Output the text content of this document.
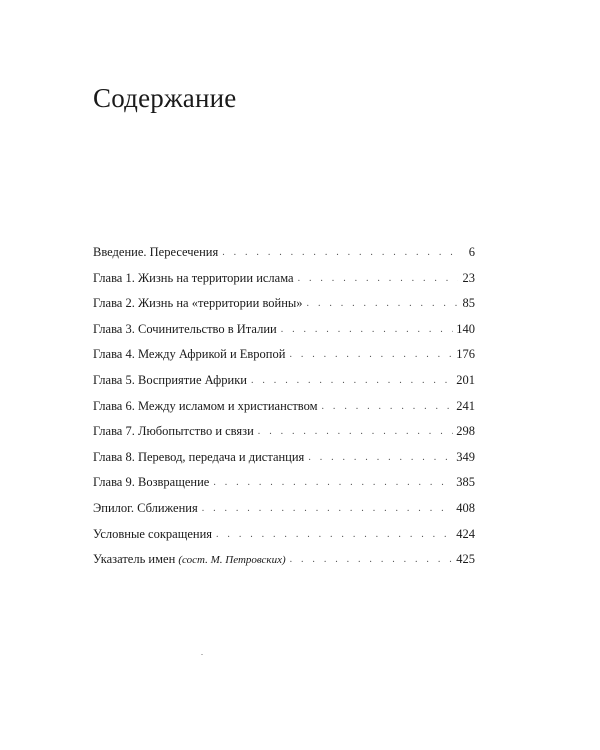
Содержание
Введение. Пересечения . . .	6
Глава 1. Жизнь на территории ислама . . .	23
Глава 2. Жизнь на «территории войны» . . .	85
Глава 3. Сочинительство в Италии . . .	140
Глава 4. Между Африкой и Европой . . .	176
Глава 5. Восприятие Африки . . .	201
Глава 6. Между исламом и христианством . . .	241
Глава 7. Любопытство и связи . . .	298
Глава 8. Перевод, передача и дистанция . . .	349
Глава 9. Возвращение . . .	385
Эпилог. Сближения . . .	408
Условные сокращения . . .	424
Указатель имен (сост. М. Петровских) . . .	425
